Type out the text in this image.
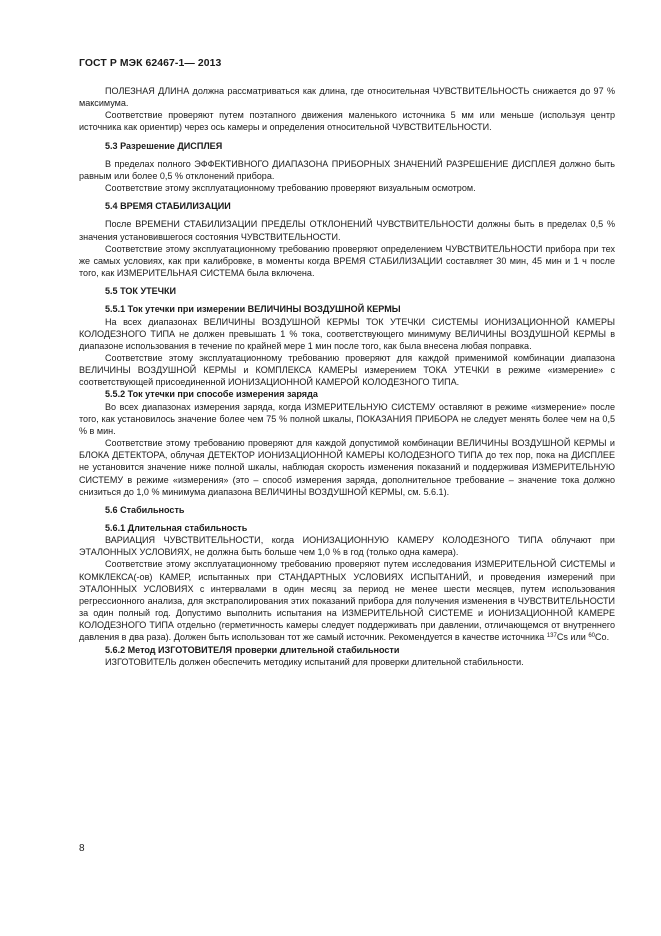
ГОСТ Р МЭК 62467-1— 2013

ПОЛЕЗНАЯ ДЛИНА должна рассматриваться как длина, где относительная ЧУВСТВИТЕЛЬНОСТЬ снижается до 97 % максимума.

Соответствие проверяют путем поэтапного движения маленького источника 5 мм или меньше (используя центр источника как ориентир) через ось камеры и определения относительной ЧУВСТВИТЕЛЬНОСТИ.

5.3 Разрешение ДИСПЛЕЯ

В пределах полного ЭФФЕКТИВНОГО ДИАПАЗОНА ПРИБОРНЫХ ЗНАЧЕНИЙ РАЗРЕШЕНИЕ ДИСПЛЕЯ должно быть равным или более 0,5 % отклонений прибора.

Соответствие этому эксплуатационному требованию проверяют визуальным осмотром.

5.4 ВРЕМЯ СТАБИЛИЗАЦИИ

После ВРЕМЕНИ СТАБИЛИЗАЦИИ ПРЕДЕЛЫ ОТКЛОНЕНИЙ ЧУВСТВИТЕЛЬНОСТИ должны быть в пределах 0,5 % значения установившегося состояния ЧУВСТВИТЕЛЬНОСТИ.

Соответствие этому эксплуатационному требованию проверяют определением ЧУВСТВИТЕЛЬНОСТИ прибора при тех же самых условиях, как при калибровке, в моменты когда ВРЕМЯ СТАБИЛИЗАЦИИ составляет 30 мин, 45 мин и 1 ч после того, как ИЗМЕРИТЕЛЬНАЯ СИСТЕМА была включена.

5.5 ТОК УТЕЧКИ
5.5.1 Ток утечки при измерении ВЕЛИЧИНЫ ВОЗДУШНОЙ КЕРМЫ

На всех диапазонах ВЕЛИЧИНЫ ВОЗДУШНОЙ КЕРМЫ ТОК УТЕЧКИ СИСТЕМЫ ИОНИЗАЦИОННОЙ КАМЕРЫ КОЛОДЕЗНОГО ТИПА не должен превышать 1 % тока, соответствующего минимуму ВЕЛИЧИНЫ ВОЗДУШНОЙ КЕРМЫ в диапазоне использования в течение по крайней мере 1 мин после того, как была внесена любая поправка.

Соответствие этому эксплуатационному требованию проверяют для каждой применимой комбинации диапазона ВЕЛИЧИНЫ ВОЗДУШНОЙ КЕРМЫ и КОМПЛЕКСА КАМЕРЫ измерением ТОКА УТЕЧКИ в режиме «измерение» с соответствующей присоединенной ИОНИЗАЦИОННОЙ КАМЕРОЙ КОЛОДЕЗНОГО ТИПА.

5.5.2 Ток утечки при способе измерения заряда

Во всех диапазонах измерения заряда, когда ИЗМЕРИТЕЛЬНУЮ СИСТЕМУ оставляют в режиме «измерение» после того, как установилось значение более чем 75 % полной шкалы, ПОКАЗАНИЯ ПРИБОРА не следует менять более чем на 0,5 % в мин.

Соответствие этому требованию проверяют для каждой допустимой комбинации ВЕЛИЧИНЫ ВОЗДУШНОЙ КЕРМЫ и БЛОКА ДЕТЕКТОРА, облучая ДЕТЕКТОР ИОНИЗАЦИОННОЙ КАМЕРЫ КОЛОДЕЗНОГО ТИПА до тех пор, пока на ДИСПЛЕЕ не установится значение ниже полной шкалы, наблюдая скорость изменения показаний и поддерживая ИЗМЕРИТЕЛЬНУЮ СИСТЕМУ в режиме «измерения» (это – способ измерения заряда, дополнительное требование – значение тока должно снизиться до 1,0 % минимума диапазона ВЕЛИЧИНЫ ВОЗДУШНОЙ КЕРМЫ, см. 5.6.1).

5.6 Стабильность
5.6.1 Длительная стабильность

ВАРИАЦИЯ ЧУВСТВИТЕЛЬНОСТИ, когда ИОНИЗАЦИОННУЮ КАМЕРУ КОЛОДЕЗНОГО ТИПА облучают при ЭТАЛОННЫХ УСЛОВИЯХ, не должна быть больше чем 1,0 % в год (только одна камера).

Соответствие этому эксплуатационному требованию проверяют путем исследования ИЗМЕРИТЕЛЬНОЙ СИСТЕМЫ и КОМКЛЕКСА(-ов) КАМЕР, испытанных при СТАНДАРТНЫХ УСЛОВИЯХ ИСПЫТАНИЙ, и проведения измерений при ЭТАЛОННЫХ УСЛОВИЯХ с интервалами в один месяц за период не менее шести месяцев, путем использования регрессионного анализа, для экстраполирования этих показаний прибора для получения изменения в ЧУВСТВИТЕЛЬНОСТИ за один полный год. Допустимо выполнить испытания на ИЗМЕРИТЕЛЬНОЙ СИСТЕМЕ и ИОНИЗАЦИОННОЙ КАМЕРЕ КОЛОДЕЗНОГО ТИПА отдельно (герметичность камеры следует поддерживать при давлении, отличающемся от внутреннего давления в два раза). Должен быть использован тот же самый источник. Рекомендуется в качестве источника $^{137}$Cs или $^{60}$Co.

5.6.2 Метод ИЗГОТОВИТЕЛЯ проверки длительной стабильности

ИЗГОТОВИТЕЛЬ должен обеспечить методику испытаний для проверки длительной стабильности.

8
